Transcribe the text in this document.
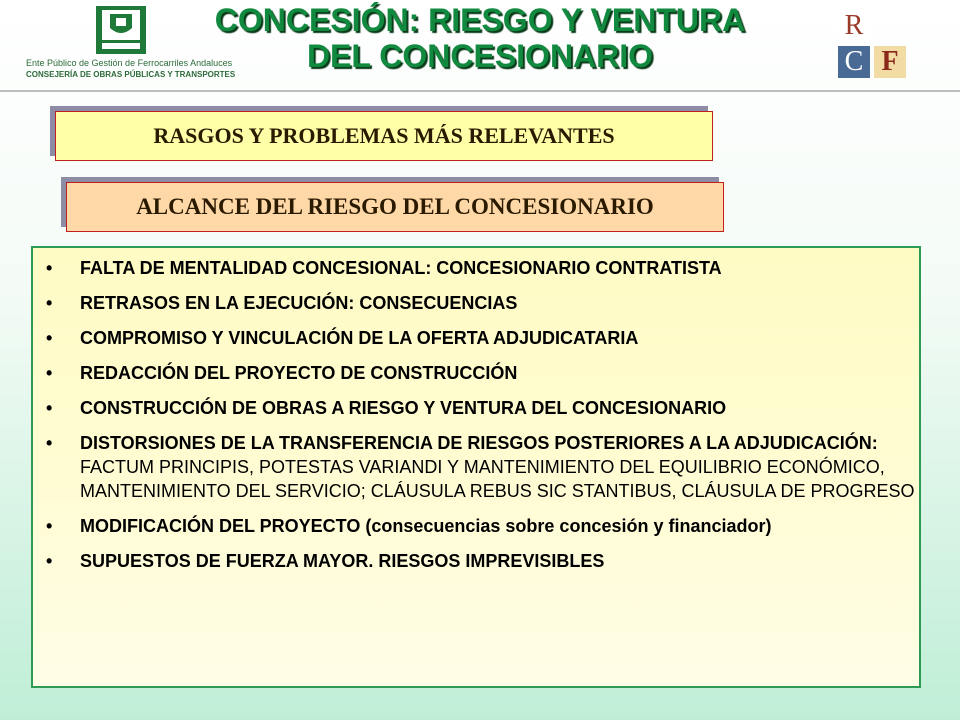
Ente Público de Gestión de Ferrocarriles Andaluces
CONSEJERÍA DE OBRAS PÚBLICAS Y TRANSPORTES
CONCESIÓN: RIESGO Y VENTURA
DEL CONCESIONARIO
R
C F
RASGOS Y PROBLEMAS MÁS RELEVANTES
ALCANCE DEL RIESGO DEL CONCESIONARIO
• FALTA DE MENTALIDAD CONCESIONAL: CONCESIONARIO CONTRATISTA
• RETRASOS EN LA EJECUCIÓN: CONSECUENCIAS
• COMPROMISO Y VINCULACIÓN DE LA OFERTA ADJUDICATARIA
• REDACCIÓN DEL PROYECTO DE CONSTRUCCIÓN
• CONSTRUCCIÓN DE OBRAS A RIESGO Y VENTURA DEL CONCESIONARIO
• DISTORSIONES DE LA TRANSFERENCIA DE RIESGOS POSTERIORES A LA ADJUDICACIÓN: FACTUM PRINCIPIS, POTESTAS VARIANDI Y MANTENIMIENTO DEL EQUILIBRIO ECONÓMICO, MANTENIMIENTO DEL SERVICIO; CLÁUSULA REBUS SIC STANTIBUS, CLÁUSULA DE PROGRESO
• MODIFICACIÓN DEL PROYECTO (consecuencias sobre concesión y financiador)
• SUPUESTOS DE FUERZA MAYOR. RIESGOS IMPREVISIBLES
